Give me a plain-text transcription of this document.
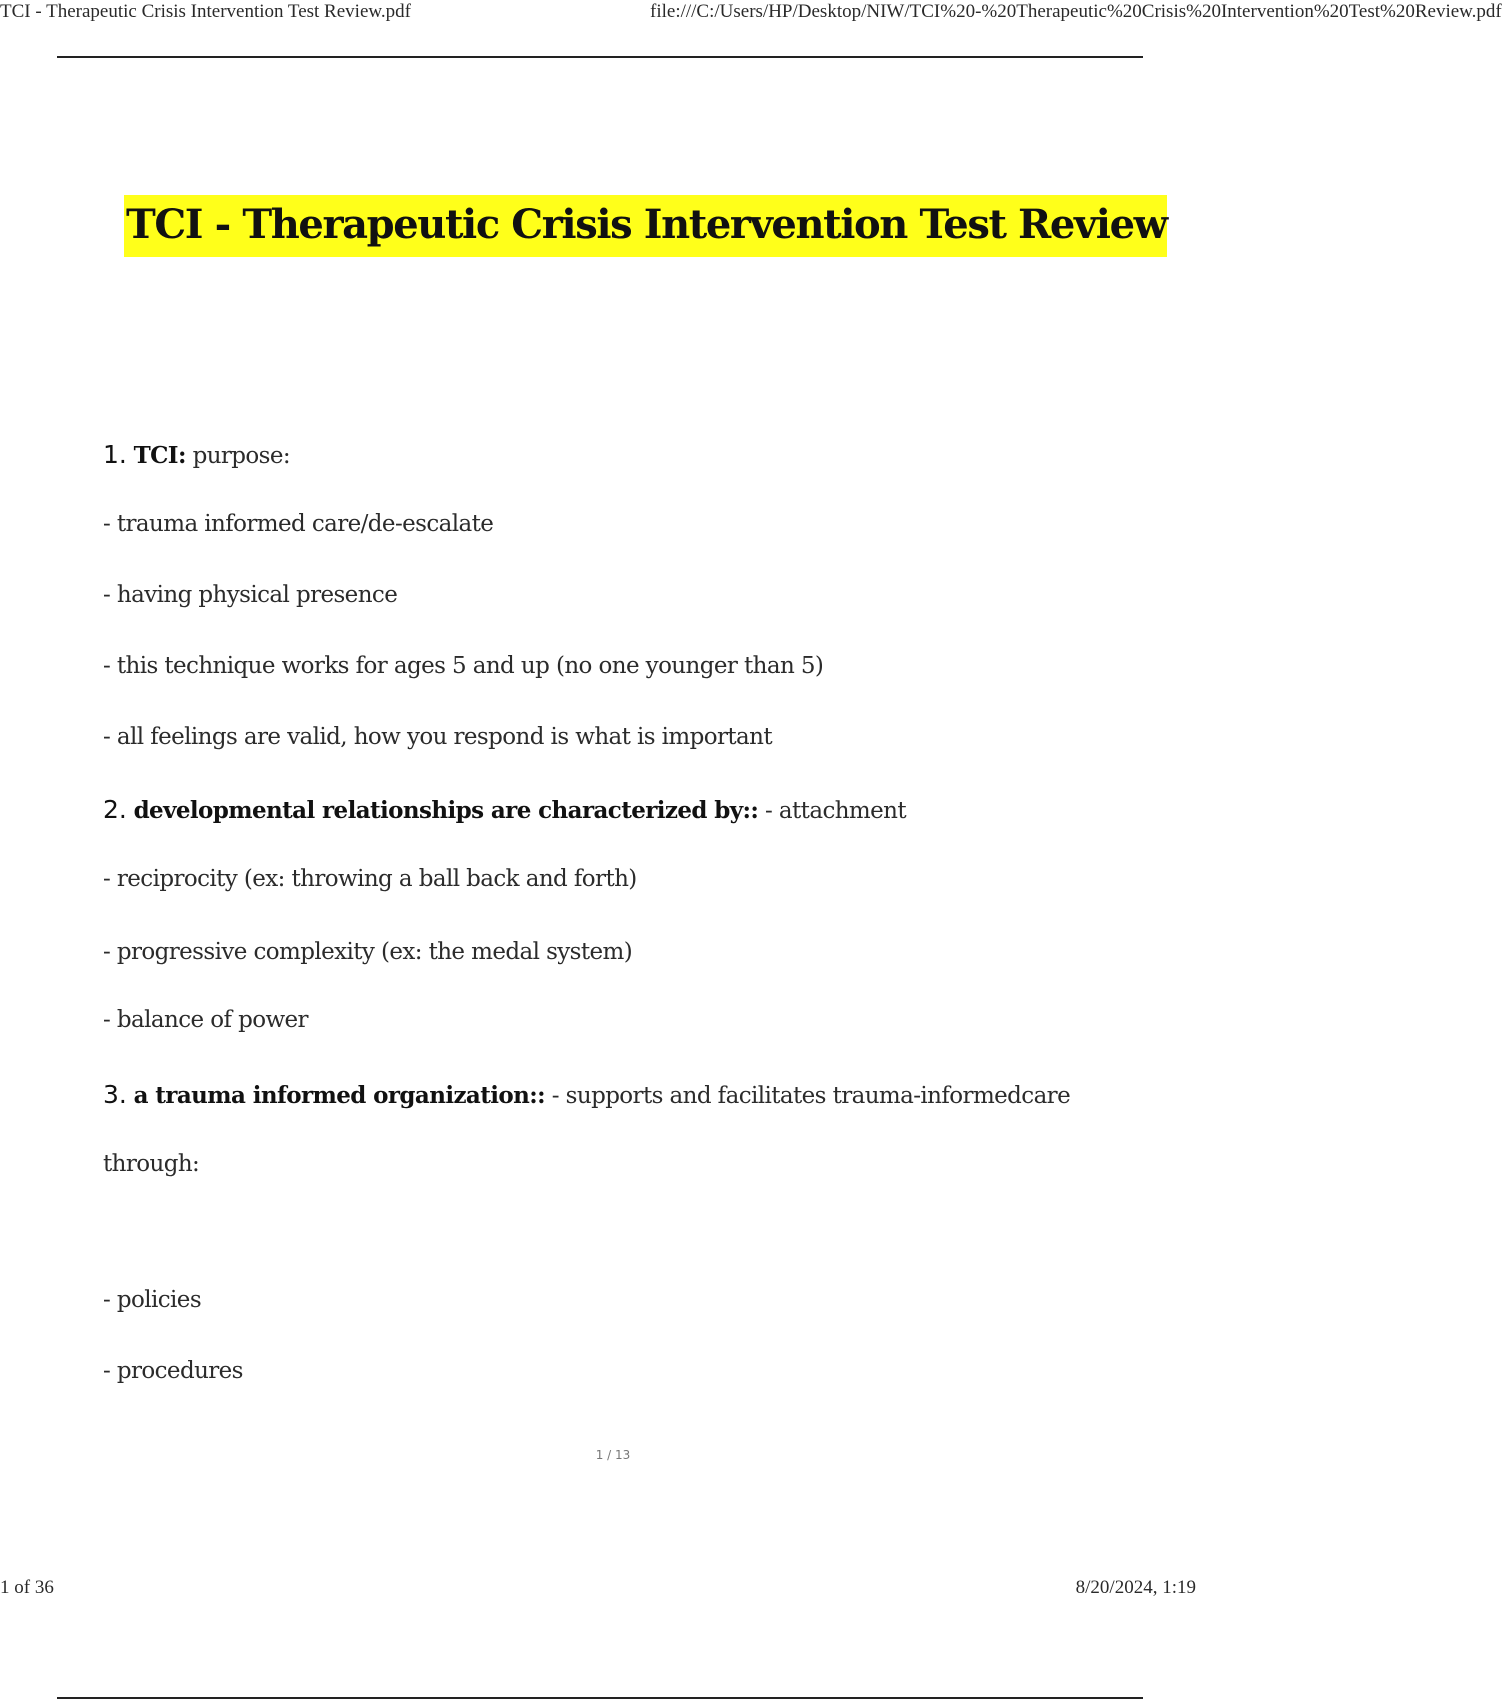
TCI - Therapeutic Crisis Intervention Test Review.pdf	file:///C:/Users/HP/Desktop/NIW/TCI%20-%20Therapeutic%20Crisis%20Intervention%20Test%20Review.pdf
TCI - Therapeutic Crisis Intervention Test Review
1. TCI: purpose:
- trauma informed care/de-escalate
- having physical presence
- this technique works for ages 5 and up (no one younger than 5)
- all feelings are valid, how you respond is what is important
2. developmental relationships are characterized by:: - attachment
- reciprocity (ex: throwing a ball back and forth)
- progressive complexity (ex: the medal system)
- balance of power
3. a trauma informed organization:: - supports and facilitates trauma-informedcare
through:
- policies
- procedures
1 / 13
1 of 36	8/20/2024, 1:19
